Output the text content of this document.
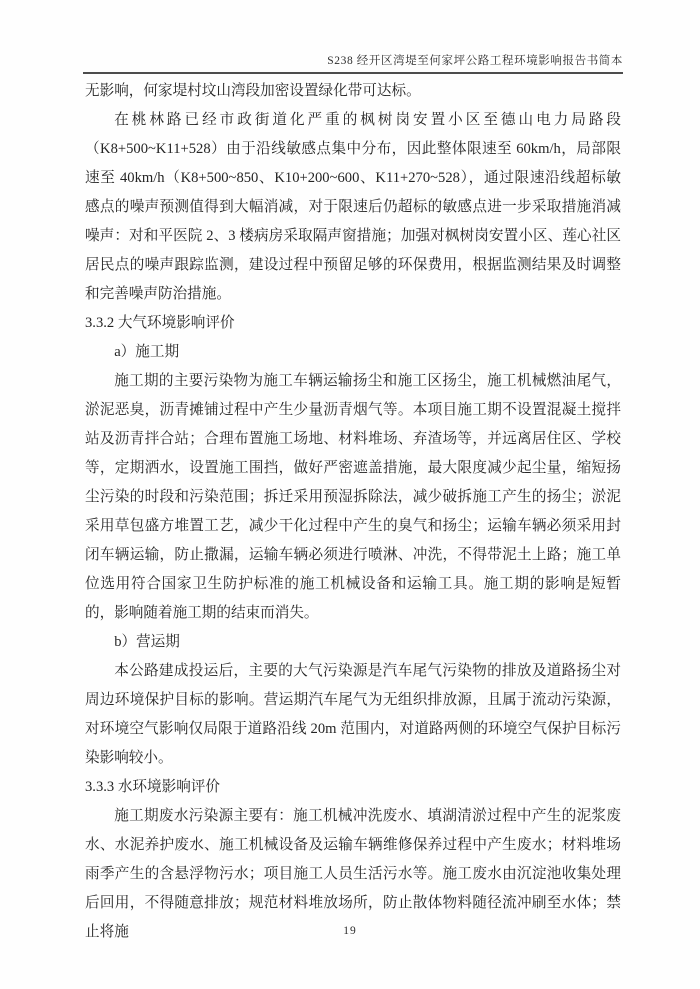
S238 经开区湾堤至何家坪公路工程环境影响报告书简本

无影响，何家堤村坟山湾段加密设置绿化带可达标。

在桃林路已经市政街道化严重的枫树岗安置小区至德山电力局路段（K8+500~K11+528）由于沿线敏感点集中分布，因此整体限速至 60km/h，局部限速至 40km/h（K8+500~850、K10+200~600、K11+270~528），通过限速沿线超标敏感点的噪声预测值得到大幅消减，对于限速后仍超标的敏感点进一步采取措施消减噪声：对和平医院 2、3 楼病房采取隔声窗措施；加强对枫树岗安置小区、莲心社区居民点的噪声跟踪监测，建设过程中预留足够的环保费用，根据监测结果及时调整和完善噪声防治措施。

3.3.2 大气环境影响评价

a）施工期

施工期的主要污染物为施工车辆运输扬尘和施工区扬尘，施工机械燃油尾气，淤泥恶臭，沥青摊铺过程中产生少量沥青烟气等。本项目施工期不设置混凝土搅拌站及沥青拌合站；合理布置施工场地、材料堆场、弃渣场等，并远离居住区、学校等，定期洒水，设置施工围挡，做好严密遮盖措施，最大限度减少起尘量，缩短扬尘污染的时段和污染范围；拆迁采用预湿拆除法，减少破拆施工产生的扬尘；淤泥采用草包盛方堆置工艺，减少干化过程中产生的臭气和扬尘；运输车辆必须采用封闭车辆运输，防止撒漏，运输车辆必须进行喷淋、冲洗，不得带泥土上路；施工单位选用符合国家卫生防护标准的施工机械设备和运输工具。施工期的影响是短暂的，影响随着施工期的结束而消失。

b）营运期

本公路建成投运后，主要的大气污染源是汽车尾气污染物的排放及道路扬尘对周边环境保护目标的影响。营运期汽车尾气为无组织排放源，且属于流动污染源，对环境空气影响仅局限于道路沿线 20m 范围内，对道路两侧的环境空气保护目标污染影响较小。

3.3.3 水环境影响评价

施工期废水污染源主要有：施工机械冲洗废水、填湖清淤过程中产生的泥浆废水、水泥养护废水、施工机械设备及运输车辆维修保养过程中产生废水；材料堆场雨季产生的含悬浮物污水；项目施工人员生活污水等。施工废水由沉淀池收集处理后回用，不得随意排放；规范材料堆放场所，防止散体物料随径流冲刷至水体；禁止将施	19
